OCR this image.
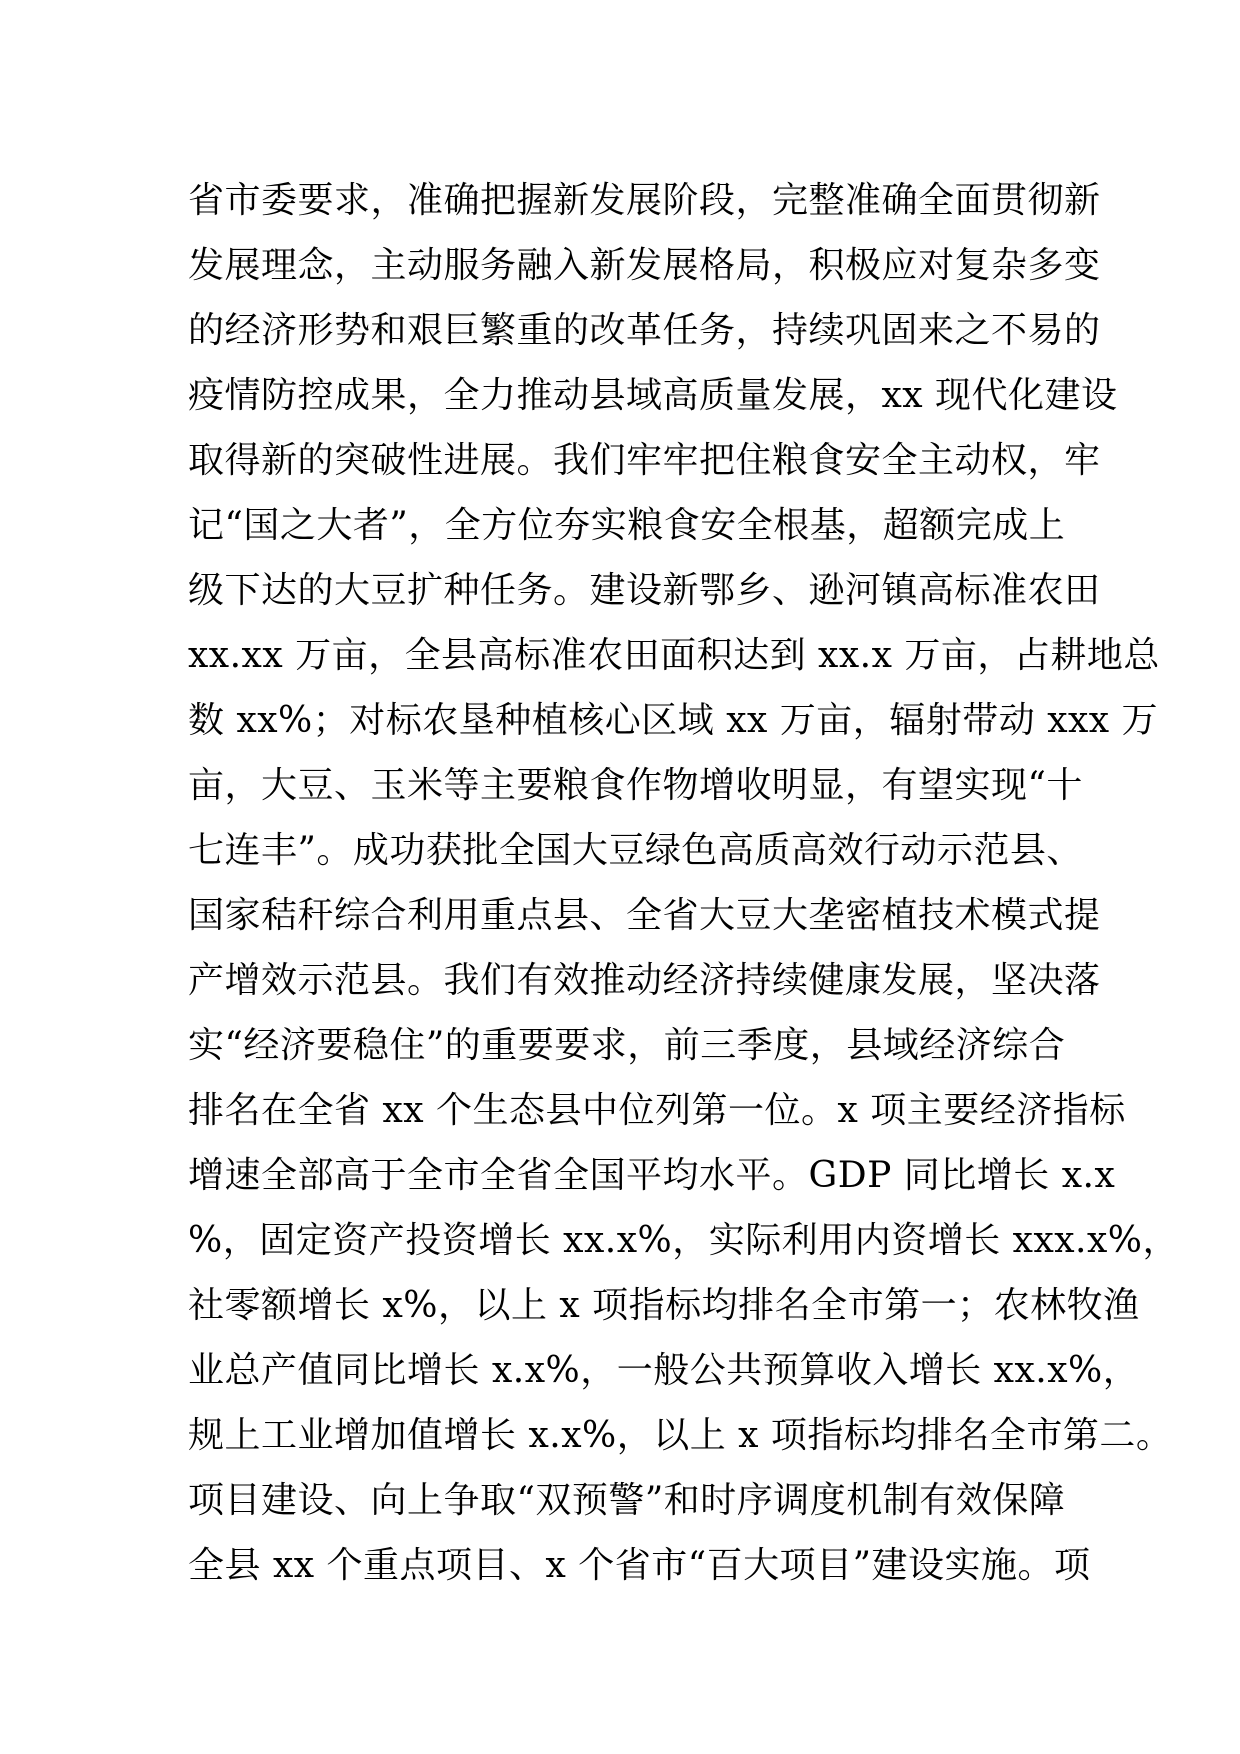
省市委要求，准确把握新发展阶段，完整准确全面贯彻新
发展理念，主动服务融入新发展格局，积极应对复杂多变
的经济形势和艰巨繁重的改革任务，持续巩固来之不易的
疫情防控成果，全力推动县域高质量发展，xx 现代化建设
取得新的突破性进展。我们牢牢把住粮食安全主动权，牢
记“国之大者”，全方位夯实粮食安全根基，超额完成上
级下达的大豆扩种任务。建设新鄂乡、逊河镇高标准农田
xx.xx 万亩，全县高标准农田面积达到 xx.x 万亩，占耕地总
数 xx%；对标农垦种植核心区域 xx 万亩，辐射带动 xxx 万
亩，大豆、玉米等主要粮食作物增收明显，有望实现“十
七连丰”。成功获批全国大豆绿色高质高效行动示范县、
国家秸秆综合利用重点县、全省大豆大垄密植技术模式提
产增效示范县。我们有效推动经济持续健康发展，坚决落
实“经济要稳住”的重要要求，前三季度，县域经济综合
排名在全省 xx 个生态县中位列第一位。x 项主要经济指标
增速全部高于全市全省全国平均水平。GDP 同比增长 x.x
%，固定资产投资增长 xx.x%，实际利用内资增长 xxx.x%，
社零额增长 x%，以上 x 项指标均排名全市第一；农林牧渔
业总产值同比增长 x.x%，一般公共预算收入增长 xx.x%，
规上工业增加值增长 x.x%，以上 x 项指标均排名全市第二。
项目建设、向上争取“双预警”和时序调度机制有效保障
全县 xx 个重点项目、x 个省市“百大项目”建设实施。项
